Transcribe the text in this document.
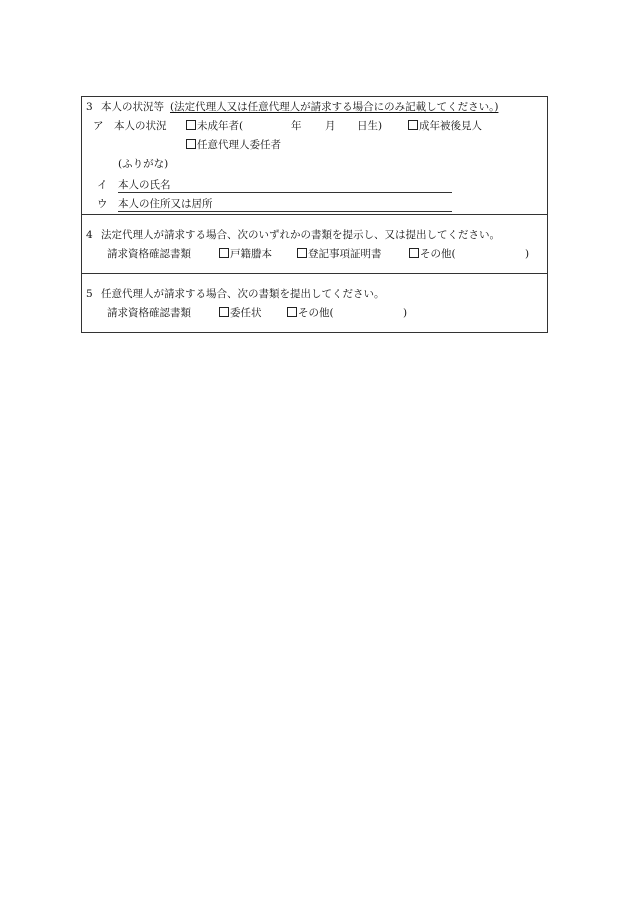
3 本人の状況等 (法定代理人又は任意代理人が請求する場合にのみ記載してください。)
ア　本人の状況	未成年者(	年 月 日生)	成年被後見人
任意代理人委任者
(ふりがな)
イ 本人の氏名
ウ 本人の住所又は居所
4 法定代理人が請求する場合、次のいずれかの書類を提示し、又は提出してください。
請求資格確認書類	戸籍謄本	登記事項証明書	その他(	)
5 任意代理人が請求する場合、次の書類を提出してください。
請求資格確認書類	委任状	その他(	)
